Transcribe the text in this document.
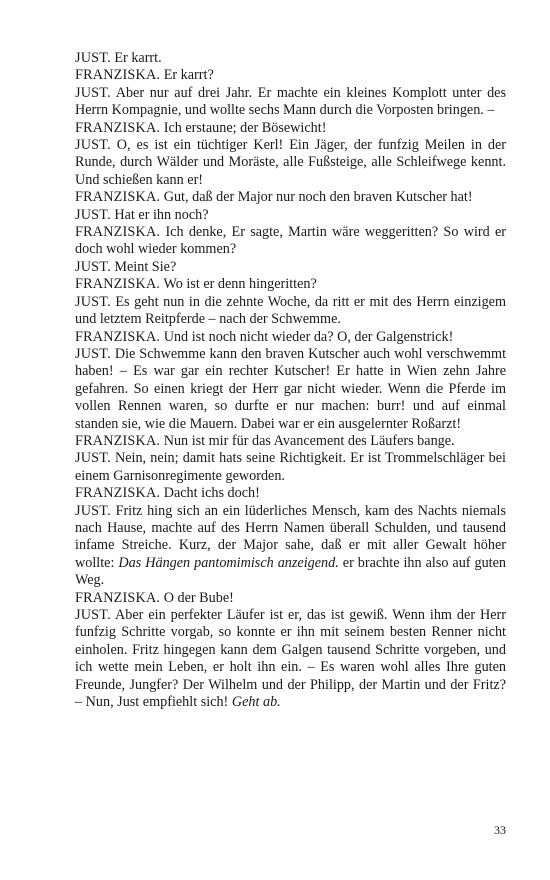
JUST. Er karrt.

FRANZISKA. Er karrt?

JUST. Aber nur auf drei Jahr. Er machte ein kleines Komplott unter des Herrn Kompagnie, und wollte sechs Mann durch die Vorposten bringen. –

FRANZISKA. Ich erstaune; der Bösewicht!

JUST. O, es ist ein tüchtiger Kerl! Ein Jäger, der funfzig Meilen in der Runde, durch Wälder und Moräste, alle Fußsteige, alle Schleifwege kennt. Und schießen kann er!

FRANZISKA. Gut, daß der Major nur noch den braven Kutscher hat!

JUST. Hat er ihn noch?

FRANZISKA. Ich denke, Er sagte, Martin wäre weggeritten? So wird er doch wohl wieder kommen?

JUST. Meint Sie?

FRANZISKA. Wo ist er denn hingeritten?

JUST. Es geht nun in die zehnte Woche, da ritt er mit des Herrn einzigem und letztem Reitpferde – nach der Schwemme.

FRANZISKA. Und ist noch nicht wieder da? O, der Galgenstrick!

JUST. Die Schwemme kann den braven Kutscher auch wohl verschwemmt haben! – Es war gar ein rechter Kutscher! Er hatte in Wien zehn Jahre gefahren. So einen kriegt der Herr gar nicht wieder. Wenn die Pferde im vollen Rennen waren, so durfte er nur machen: burr! und auf einmal standen sie, wie die Mauern. Dabei war er ein ausgelernter Roßarzt!

FRANZISKA. Nun ist mir für das Avancement des Läufers bange.

JUST. Nein, nein; damit hats seine Richtigkeit. Er ist Trommelschläger bei einem Garnisonregimente geworden.

FRANZISKA. Dacht ichs doch!

JUST. Fritz hing sich an ein lüderliches Mensch, kam des Nachts niemals nach Hause, machte auf des Herrn Namen überall Schulden, und tausend infame Streiche. Kurz, der Major sahe, daß er mit aller Gewalt höher wollte: Das Hängen pantomimisch anzeigend. er brachte ihn also auf guten Weg.

FRANZISKA. O der Bube!

JUST. Aber ein perfekter Läufer ist er, das ist gewiß. Wenn ihm der Herr funfzig Schritte vorgab, so konnte er ihn mit seinem besten Renner nicht einholen. Fritz hingegen kann dem Galgen tausend Schritte vorgeben, und ich wette mein Leben, er holt ihn ein. – Es waren wohl alles Ihre guten Freunde, Jungfer? Der Wilhelm und der Philipp, der Martin und der Fritz? – Nun, Just empfiehlt sich! Geht ab.

33
